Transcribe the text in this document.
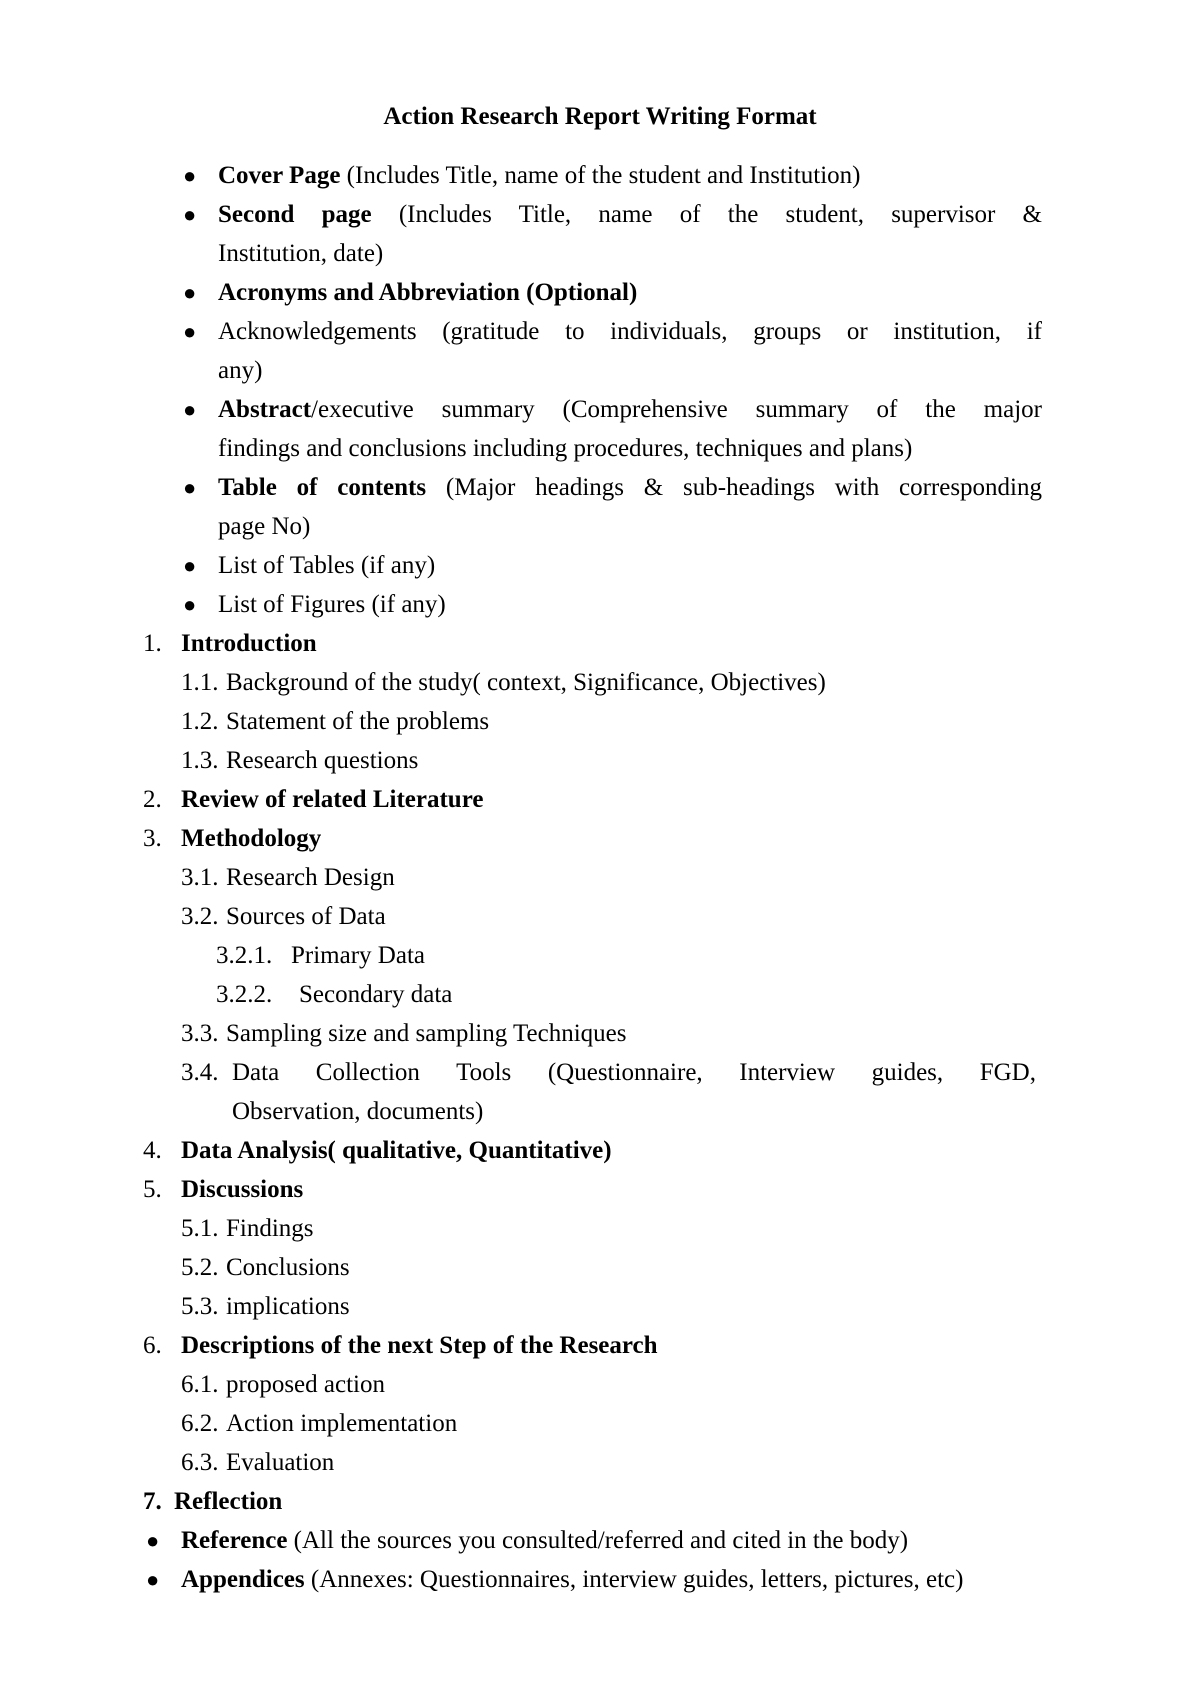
Action Research Report Writing Format
● Cover Page (Includes Title, name of the student and Institution)
● Second page (Includes Title, name of the student, supervisor &
Institution, date)
● Acronyms and Abbreviation (Optional)
● Acknowledgements (gratitude to individuals, groups or institution, if
any)
● Abstract/executive summary (Comprehensive summary of the major
findings and conclusions including procedures, techniques and plans)
● Table of contents (Major headings & sub-headings with corresponding
page No)
● List of Tables (if any)
● List of Figures (if any)
1. Introduction
1.1. Background of the study( context, Significance, Objectives)
1.2. Statement of the problems
1.3. Research questions
2. Review of related Literature
3. Methodology
3.1. Research Design
3.2. Sources of Data
3.2.1. Primary Data
3.2.2. Secondary data
3.3. Sampling size and sampling Techniques
3.4. Data Collection Tools (Questionnaire, Interview guides, FGD,
Observation, documents)
4. Data Analysis( qualitative, Quantitative)
5. Discussions
5.1. Findings
5.2. Conclusions
5.3. implications
6. Descriptions of the next Step of the Research
6.1. proposed action
6.2. Action implementation
6.3. Evaluation
7. Reflection
● Reference (All the sources you consulted/referred and cited in the body)
● Appendices (Annexes: Questionnaires, interview guides, letters, pictures, etc)
